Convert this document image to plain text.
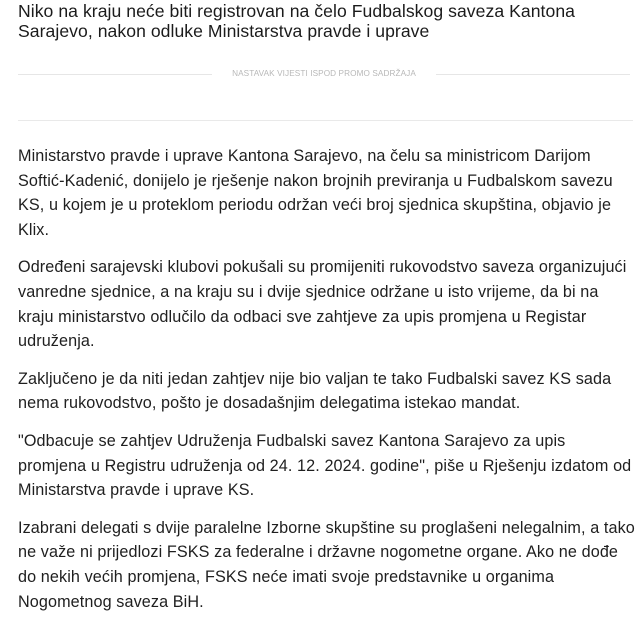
Niko na kraju neće biti registrovan na čelo Fudbalskog saveza Kantona Sarajevo, nakon odluke Ministarstva pravde i uprave
NASTAVAK VIJESTI ISPOD PROMO SADRŽAJA

Ministarstvo pravde i uprave Kantona Sarajevo, na čelu sa ministricom Darijom Softić-Kadenić, donijelo je rješenje nakon brojnih previranja u Fudbalskom savezu KS, u kojem je u proteklom periodu održan veći broj sjednica skupština, objavio je Klix.

Određeni sarajevski klubovi pokušali su promijeniti rukovodstvo saveza organizujući vanredne sjednice, a na kraju su i dvije sjednice održane u isto vrijeme, da bi na kraju ministarstvo odlučilo da odbaci sve zahtjeve za upis promjena u Registar udruženja.

Zaključeno je da niti jedan zahtjev nije bio valjan te tako Fudbalski savez KS sada nema rukovodstvo, pošto je dosadašnjim delegatima istekao mandat.

"Odbacuje se zahtjev Udruženja Fudbalski savez Kantona Sarajevo za upis promjena u Registru udruženja od 24. 12. 2024. godine", piše u Rješenju izdatom od Ministarstva pravde i uprave KS.

Izabrani delegati s dvije paralelne Izborne skupštine su proglašeni nelegalnim, a tako ne važe ni prijedlozi FSKS za federalne i državne nogometne organe. Ako ne dođe do nekih većih promjena, FSKS neće imati svoje predstavnike u organima Nogometnog saveza BiH.
